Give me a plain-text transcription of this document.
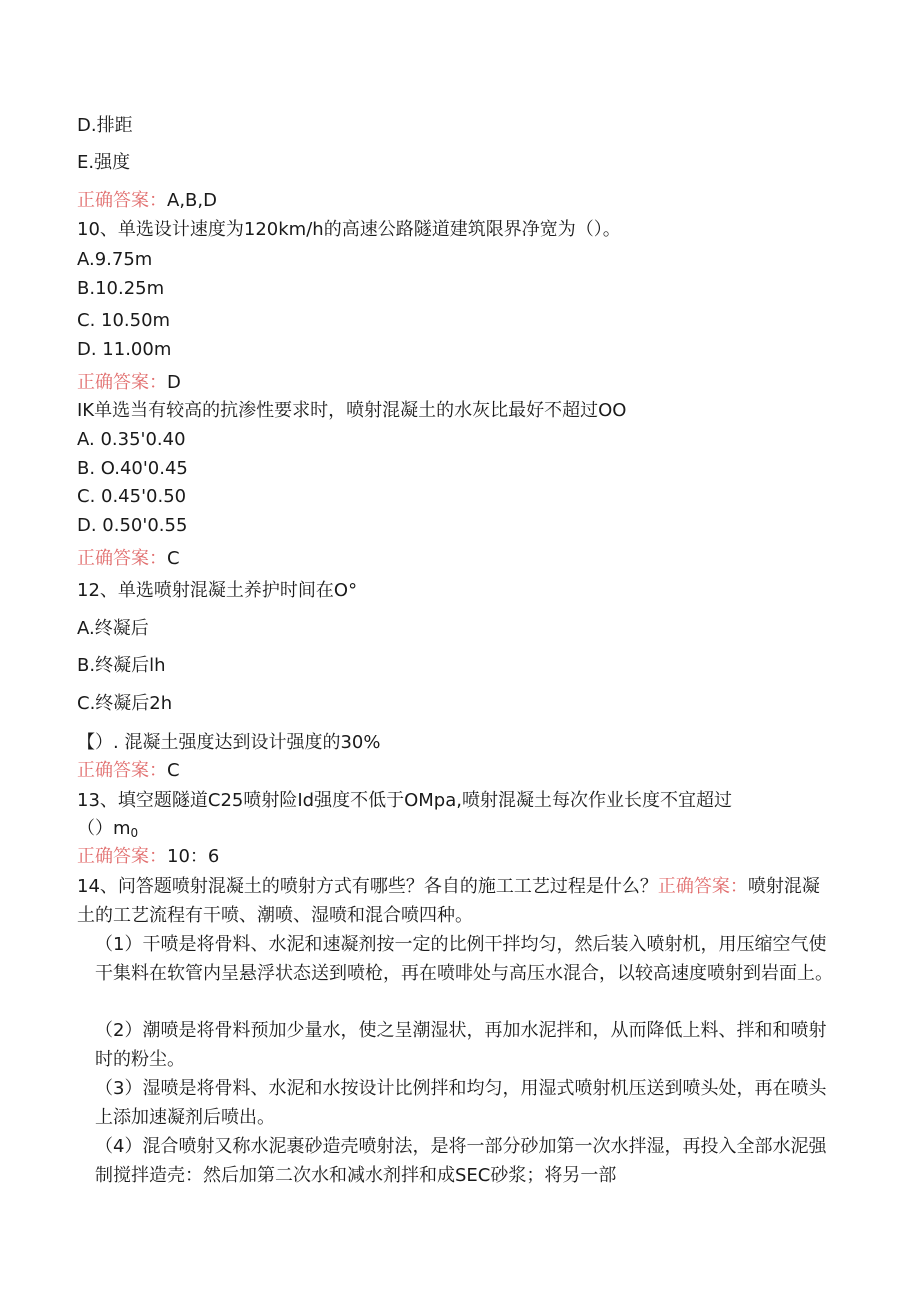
D.排距
E.强度
正确答案：A,B,D
10、单选设计速度为120km/h的高速公路隧道建筑限界净宽为（）。
A.9.75m
B.10.25m
C. 10.50m
D. 11.00m
正确答案：D
IK单选当有较高的抗渗性要求时，喷射混凝土的水灰比最好不超过OO
A. 0.35'0.40
B. O.40'0.45
C. 0.45'0.50
D. 0.50'0.55
正确答案：C
12、单选喷射混凝土养护时间在O°
A.终凝后
B.终凝后lh
C.终凝后2h
【）. 混凝土强度达到设计强度的30%
正确答案：C
13、填空题隧道C25喷射险Id强度不低于OMpa,喷射混凝土每次作业长度不宜超过
$()m_0$
正确答案：10：6
14、问答题喷射混凝土的喷射方式有哪些？各自的施工工艺过程是什么？正确答案：喷射混凝土的工艺流程有干喷、潮喷、湿喷和混合喷四种。
（1）干喷是将骨料、水泥和速凝剂按一定的比例干拌均匀，然后装入喷射机，用压缩空气使干集料在软管内呈悬浮状态送到喷枪，再在喷啡处与高压水混合，以较高速度喷射到岩面上。
（2）潮喷是将骨料预加少量水，使之呈潮湿状，再加水泥拌和，从而降低上料、拌和和喷射时的粉尘。
（3）湿喷是将骨料、水泥和水按设计比例拌和均匀，用湿式喷射机压送到喷头处，再在喷头上添加速凝剂后喷出。
（4）混合喷射又称水泥裹砂造壳喷射法，是将一部分砂加第一次水拌湿，再投入全部水泥强制搅拌造壳：然后加第二次水和减水剂拌和成SEC砂浆；将另一部
